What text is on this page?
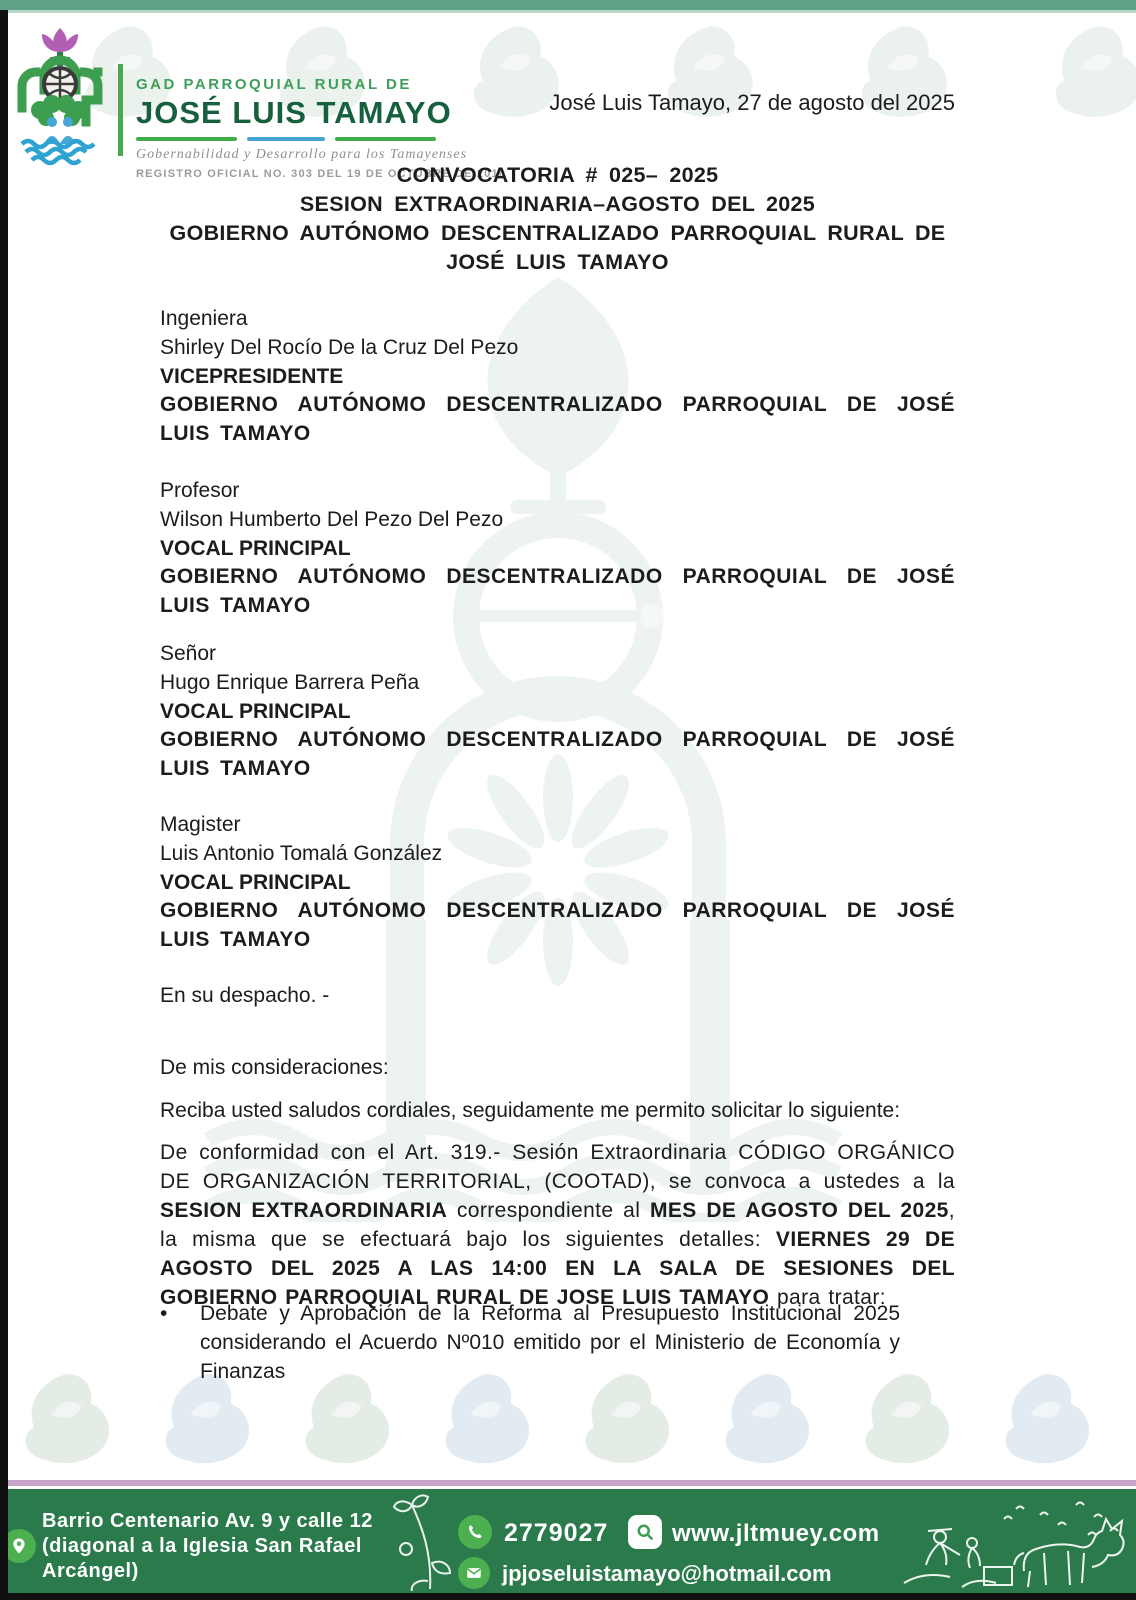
GAD PARROQUIAL RURAL DE
JOSÉ LUIS TAMAYO
Gobernabilidad y Desarrollo para los Tamayenses
REGISTRO OFICIAL NO. 303 DEL 19 DE OCTUBRE DE 2010
José Luis Tamayo, 27 de agosto del 2025
CONVOCATORIA # 025– 2025
SESION EXTRAORDINARIA–AGOSTO DEL 2025
GOBIERNO AUTÓNOMO DESCENTRALIZADO PARROQUIAL RURAL DE JOSÉ LUIS TAMAYO
Ingeniera
Shirley Del Rocío De la Cruz Del Pezo
VICEPRESIDENTE
GOBIERNO AUTÓNOMO DESCENTRALIZADO PARROQUIAL DE JOSÉ LUIS TAMAYO
Profesor
Wilson Humberto Del Pezo Del Pezo
VOCAL PRINCIPAL
GOBIERNO AUTÓNOMO DESCENTRALIZADO PARROQUIAL DE JOSÉ LUIS TAMAYO
Señor
Hugo Enrique Barrera Peña
VOCAL PRINCIPAL
GOBIERNO AUTÓNOMO DESCENTRALIZADO PARROQUIAL DE JOSÉ LUIS TAMAYO
Magister
Luis Antonio Tomalá González
VOCAL PRINCIPAL
GOBIERNO AUTÓNOMO DESCENTRALIZADO PARROQUIAL DE JOSÉ LUIS TAMAYO
En su despacho. -
De mis consideraciones:
Reciba usted saludos cordiales, seguidamente me permito solicitar lo siguiente:
De conformidad con el Art. 319.- Sesión Extraordinaria CÓDIGO ORGÁNICO DE ORGANIZACIÓN TERRITORIAL, (COOTAD), se convoca a ustedes a la SESION EXTRAORDINARIA correspondiente al MES DE AGOSTO DEL 2025, la misma que se efectuará bajo los siguientes detalles: VIERNES 29 DE AGOSTO DEL 2025 A LAS 14:00 EN LA SALA DE SESIONES DEL GOBIERNO PARROQUIAL RURAL DE JOSE LUIS TAMAYO para tratar:
•	Debate y Aprobación de la Reforma al Presupuesto Institucional 2025 considerando el Acuerdo Nº010 emitido por el Ministerio de Economía y Finanzas
Barrio Centenario Av. 9 y calle 12 (diagonal a la Iglesia San Rafael Arcángel)
2779027	www.jltmuey.com
jpjoseluistamayo@hotmail.com
